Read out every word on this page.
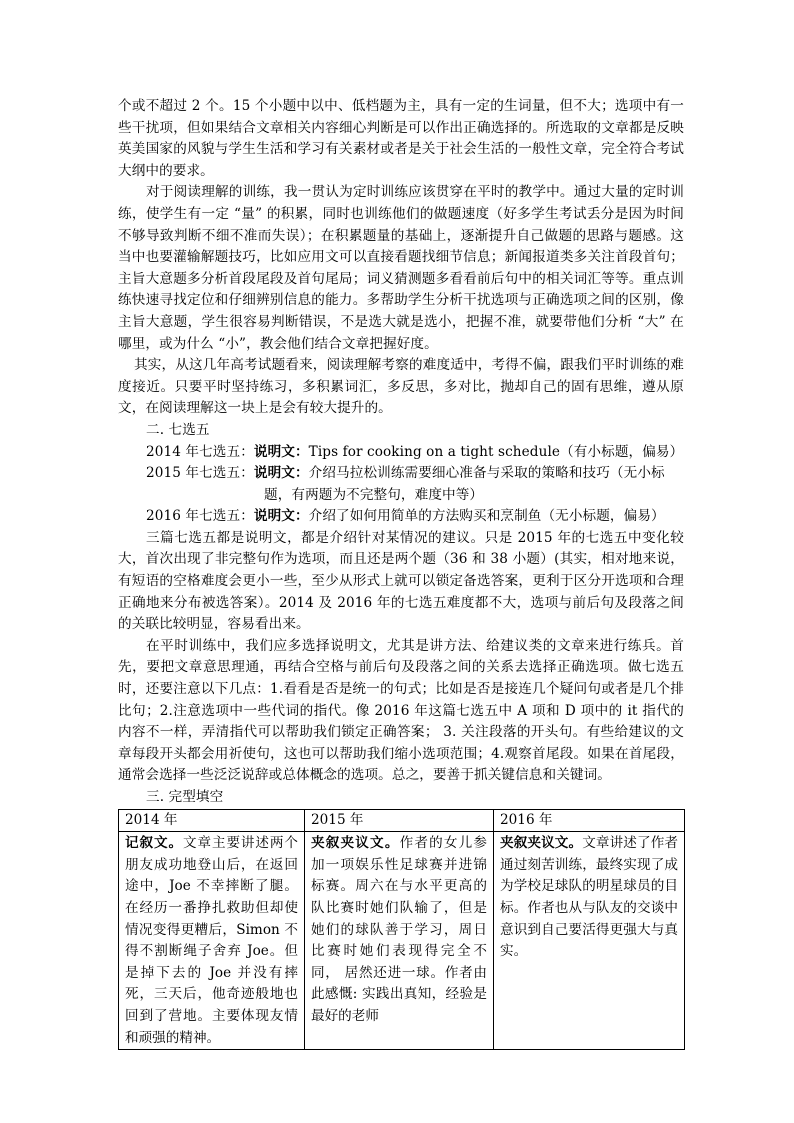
个或不超过 2 个。15 个小题中以中、低档题为主，具有一定的生词量，但不大；选项中有一些干扰项，但如果结合文章相关内容细心判断是可以作出正确选择的。所选取的文章都是反映英美国家的风貌与学生生活和学习有关素材或者是关于社会生活的一般性文章，完全符合考试大纲中的要求。

对于阅读理解的训练，我一贯认为定时训练应该贯穿在平时的教学中。通过大量的定时训练，使学生有一定 “量” 的积累，同时也训练他们的做题速度（好多学生考试丢分是因为时间不够导致判断不细不准而失误）；在积累题量的基础上，逐渐提升自己做题的思路与题感。这当中也要灌输解题技巧，比如应用文可以直接看题找细节信息；新闻报道类多关注首段首句；主旨大意题多分析首段尾段及首句尾局；词义猜测题多看看前后句中的相关词汇等等。重点训练快速寻找定位和仔细辨别信息的能力。多帮助学生分析干扰选项与正确选项之间的区别，像主旨大意题，学生很容易判断错误，不是选大就是选小，把握不准，就要带他们分析 “大” 在哪里，或为什么 “小”，教会他们结合文章把握好度。

其实，从这几年高考试题看来，阅读理解考察的难度适中，考得不偏，跟我们平时训练的难度接近。只要平时坚持练习，多积累词汇，多反思，多对比，抛却自己的固有思维，遵从原文，在阅读理解这一块上是会有较大提升的。

二. 七选五

2014 年七选五：说明文：Tips for cooking on a tight schedule（有小标题，偏易）

2015 年七选五：说明文：介绍马拉松训练需要细心准备与采取的策略和技巧（无小标
题，有两题为不完整句，难度中等）

2016 年七选五：说明文：介绍了如何用简单的方法购买和烹制鱼（无小标题，偏易）

三篇七选五都是说明文，都是介绍针对某情况的建议。只是 2015 年的七选五中变化较大，首次出现了非完整句作为选项，而且还是两个题（36 和 38 小题）(其实，相对地来说，有短语的空格难度会更小一些，至少从形式上就可以锁定备选答案，更利于区分开选项和合理正确地来分布被选答案）。2014 及 2016 年的七选五难度都不大，选项与前后句及段落之间的关联比较明显，容易看出来。

在平时训练中，我们应多选择说明文，尤其是讲方法、给建议类的文章来进行练兵。首先，要把文章意思理通，再结合空格与前后句及段落之间的关系去选择正确选项。做七选五时，还要注意以下几点：1.看看是否是统一的句式；比如是否是接连几个疑问句或者是几个排比句；2.注意选项中一些代词的指代。像 2016 年这篇七选五中 A 项和 D 项中的 it 指代的内容不一样，弄清指代可以帮助我们锁定正确答案； 3. 关注段落的开头句。有些给建议的文章每段开头都会用祈使句，这也可以帮助我们缩小选项范围；4.观察首尾段。如果在首尾段，通常会选择一些泛泛说辞或总体概念的选项。总之，要善于抓关键信息和关键词。

三. 完型填空

2014 年	2015 年	2016 年
记叙文。文章主要讲述两个朋友成功地登山后，在返回途中，Joe 不幸摔断了腿。在经历一番挣扎救助但却使情况变得更糟后，Simon 不得不割断绳子舍弃 Joe。但是掉下去的 Joe 并没有摔死，三天后，他奇迹般地也回到了营地。主要体现友情和顽强的精神。	夹叙夹议文。作者的女儿参加一项娱乐性足球赛并进锦标赛。周六在与水平更高的队比赛时她们队输了，但是她们的球队善于学习，周日比赛时她们表现得完全不同， 居然还进一球。作者由此感慨: 实践出真知，经验是最好的老师	夹叙夹议文。文章讲述了作者通过刻苦训练，最终实现了成为学校足球队的明星球员的目标。作者也从与队友的交谈中意识到自己要活得更强大与真实。
